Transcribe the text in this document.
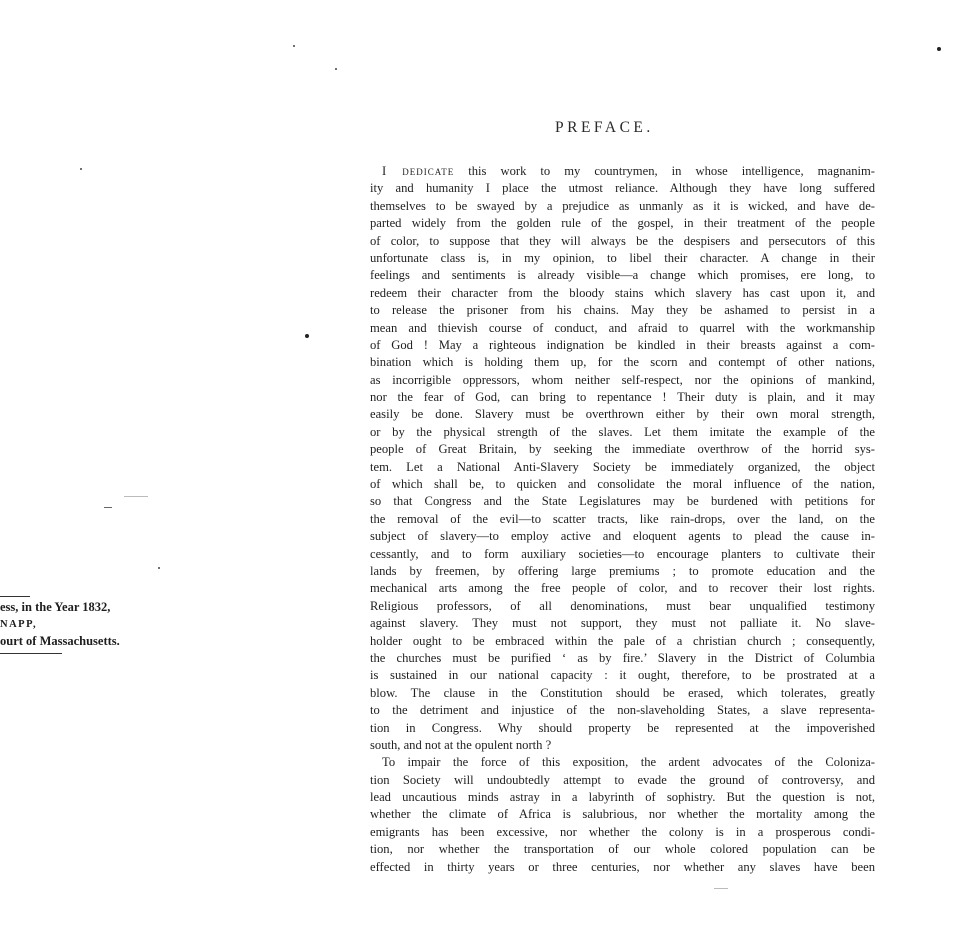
ess, in the Year 1832,
NAPP,
ourt of Massachusetts.
PREFACE.
I dedicate this work to my countrymen, in whose intelligence, magnanim-
ity and humanity I place the utmost reliance. Although they have long suffered
themselves to be swayed by a prejudice as unmanly as it is wicked, and have de-
parted widely from the golden rule of the gospel, in their treatment of the people
of color, to suppose that they will always be the despisers and persecutors of this
unfortunate class is, in my opinion, to libel their character. A change in their
feelings and sentiments is already visible—a change which promises, ere long, to
redeem their character from the bloody stains which slavery has cast upon it, and
to release the prisoner from his chains. May they be ashamed to persist in a
mean and thievish course of conduct, and afraid to quarrel with the workmanship
of God ! May a righteous indignation be kindled in their breasts against a com-
bination which is holding them up, for the scorn and contempt of other nations,
as incorrigible oppressors, whom neither self-respect, nor the opinions of mankind,
nor the fear of God, can bring to repentance ! Their duty is plain, and it may
easily be done. Slavery must be overthrown either by their own moral strength,
or by the physical strength of the slaves. Let them imitate the example of the
people of Great Britain, by seeking the immediate overthrow of the horrid sys-
tem. Let a National Anti-Slavery Society be immediately organized, the object
of which shall be, to quicken and consolidate the moral influence of the nation,
so that Congress and the State Legislatures may be burdened with petitions for
the removal of the evil—to scatter tracts, like rain-drops, over the land, on the
subject of slavery—to employ active and eloquent agents to plead the cause in-
cessantly, and to form auxiliary societies—to encourage planters to cultivate their
lands by freemen, by offering large premiums ; to promote education and the
mechanical arts among the free people of color, and to recover their lost rights.
Religious professors, of all denominations, must bear unqualified testimony
against slavery. They must not support, they must not palliate it. No slave-
holder ought to be embraced within the pale of a christian church ; consequently,
the churches must be purified ‘ as by fire.’ Slavery in the District of Columbia
is sustained in our national capacity : it ought, therefore, to be prostrated at a
blow. The clause in the Constitution should be erased, which tolerates, greatly
to the detriment and injustice of the non-slaveholding States, a slave representa-
tion in Congress. Why should property be represented at the impoverished
south, and not at the opulent north ?
To impair the force of this exposition, the ardent advocates of the Coloniza-
tion Society will undoubtedly attempt to evade the ground of controversy, and
lead uncautious minds astray in a labyrinth of sophistry. But the question is not,
whether the climate of Africa is salubrious, nor whether the mortality among the
emigrants has been excessive, nor whether the colony is in a prosperous condi-
tion, nor whether the transportation of our whole colored population can be
effected in thirty years or three centuries, nor whether any slaves have been
